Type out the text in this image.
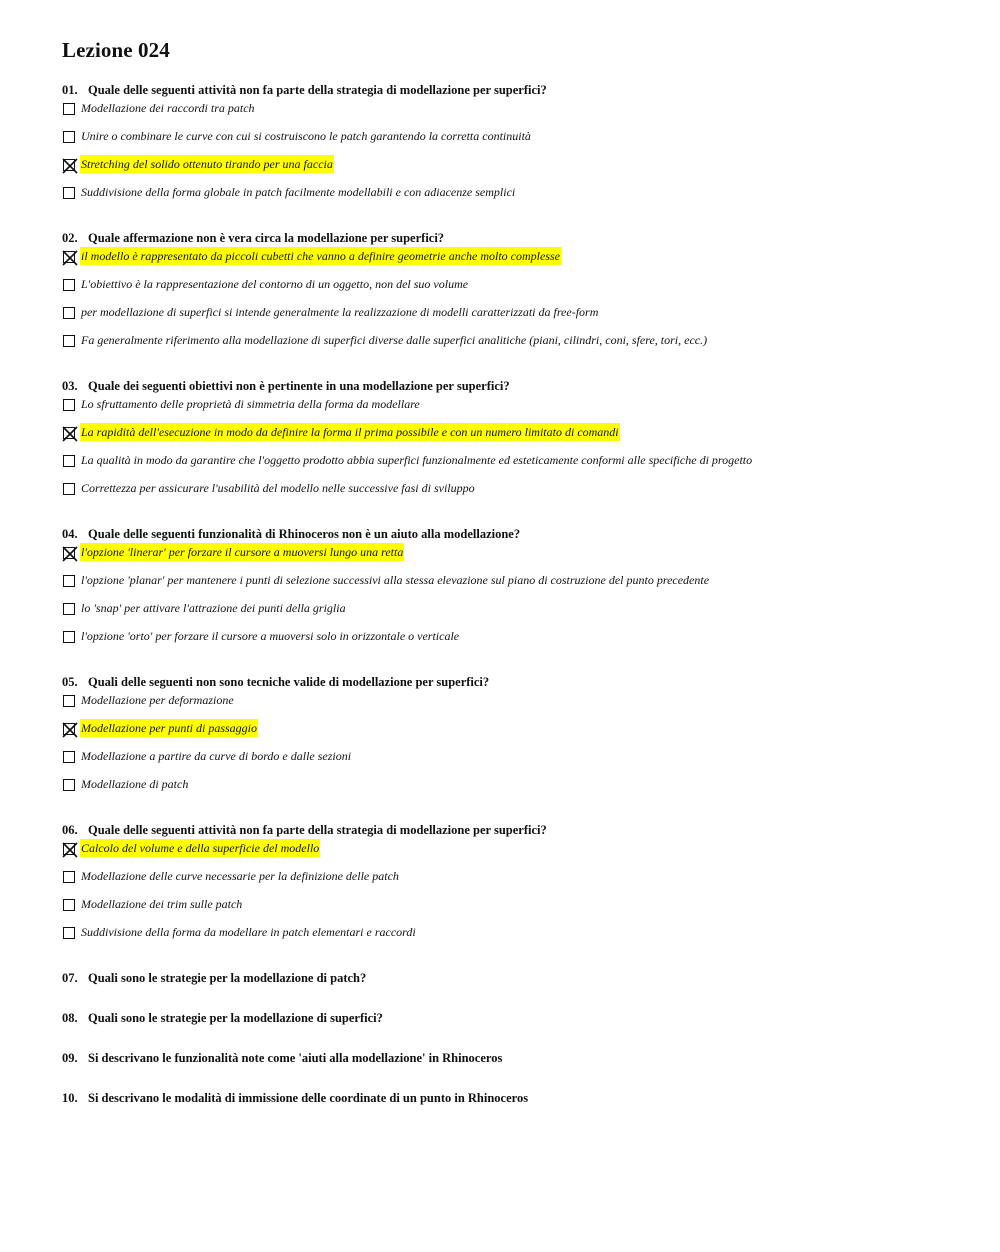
Lezione 024
01. Quale delle seguenti attività non fa parte della strategia di modellazione per superfici?
Modellazione dei raccordi tra patch
Unire o combinare le curve con cui si costruiscono le patch garantendo la corretta continuità
Stretching del solido ottenuto tirando per una faccia
Suddivisione della forma globale in patch facilmente modellabili e con adiacenze semplici
02. Quale affermazione non è vera circa la modellazione per superfici?
il modello è rappresentato da piccoli cubetti che vanno a definire geometrie anche molto complesse
L'obiettivo è la rappresentazione del contorno di un oggetto, non del suo volume
per modellazione di superfici si intende generalmente la realizzazione di modelli caratterizzati da free-form
Fa generalmente riferimento alla modellazione di superfici diverse dalle superfici analitiche (piani, cilindri, coni, sfere, tori, ecc.)
03. Quale dei seguenti obiettivi non è pertinente in una modellazione per superfici?
Lo sfruttamento delle proprietà di simmetria della forma da modellare
La rapidità dell'esecuzione in modo da definire la forma il prima possibile e con un numero limitato di comandi
La qualità in modo da garantire che l'oggetto prodotto abbia superfici funzionalmente ed esteticamente conformi alle specifiche di progetto
Correttezza per assicurare l'usabilità del modello nelle successive fasi di sviluppo
04. Quale delle seguenti funzionalità di Rhinoceros non è un aiuto alla modellazione?
l'opzione 'linerar' per forzare il cursore a muoversi lungo una retta
l'opzione 'planar' per mantenere i punti di selezione successivi alla stessa elevazione sul piano di costruzione del punto precedente
lo 'snap' per attivare l'attrazione dei punti della griglia
l'opzione 'orto' per forzare il cursore a muoversi solo in orizzontale o verticale
05. Quali delle seguenti non sono tecniche valide di modellazione per superfici?
Modellazione per deformazione
Modellazione per punti di passaggio
Modellazione a partire da curve di bordo e dalle sezioni
Modellazione di patch
06. Quale delle seguenti attività non fa parte della strategia di modellazione per superfici?
Calcolo del volume e della superficie del modello
Modellazione delle curve necessarie per la definizione delle patch
Modellazione dei trim sulle patch
Suddivisione della forma da modellare in patch elementari e raccordi
07. Quali sono le strategie per la modellazione di patch?
08. Quali sono le strategie per la modellazione di superfici?
09. Si descrivano le funzionalità note come 'aiuti alla modellazione' in Rhinoceros
10. Si descrivano le modalità di immissione delle coordinate di un punto in Rhinoceros
